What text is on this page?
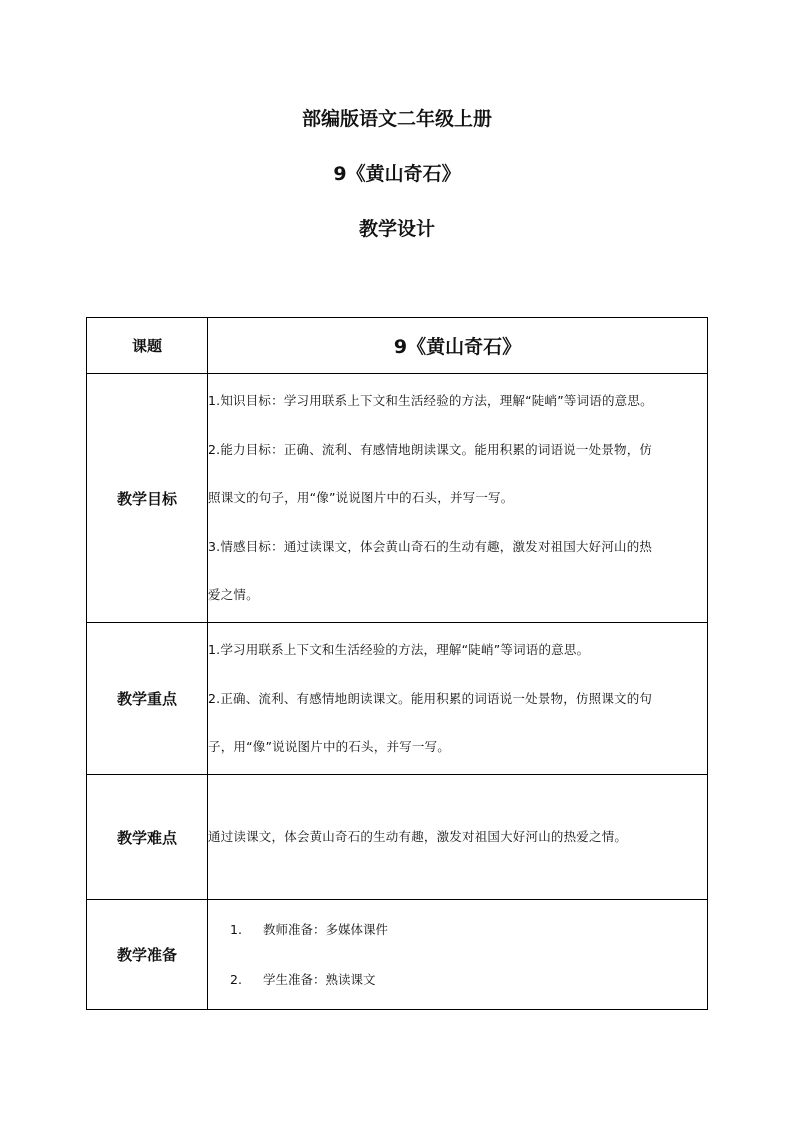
部编版语文二年级上册
9《黄山奇石》
教学设计
课题	9《黄山奇石》
教学目标	1.知识目标：学习用联系上下文和生活经验的方法，理解“陡峭”等词语的意思。

2.能力目标：正确、流利、有感情地朗读课文。能用积累的词语说一处景物，仿

照课文的句子，用“像”说说图片中的石头，并写一写。

3.情感目标：通过读课文，体会黄山奇石的生动有趣，激发对祖国大好河山的热

爱之情。

教学重点	1.学习用联系上下文和生活经验的方法，理解“陡峭”等词语的意思。

2.正确、流利、有感情地朗读课文。能用积累的词语说一处景物，仿照课文的句

子，用“像”说说图片中的石头，并写一写。

教学难点	通过读课文，体会黄山奇石的生动有趣，激发对祖国大好河山的热爱之情。

教学准备	1. 教师准备：多媒体课件
2. 学生准备：熟读课文
